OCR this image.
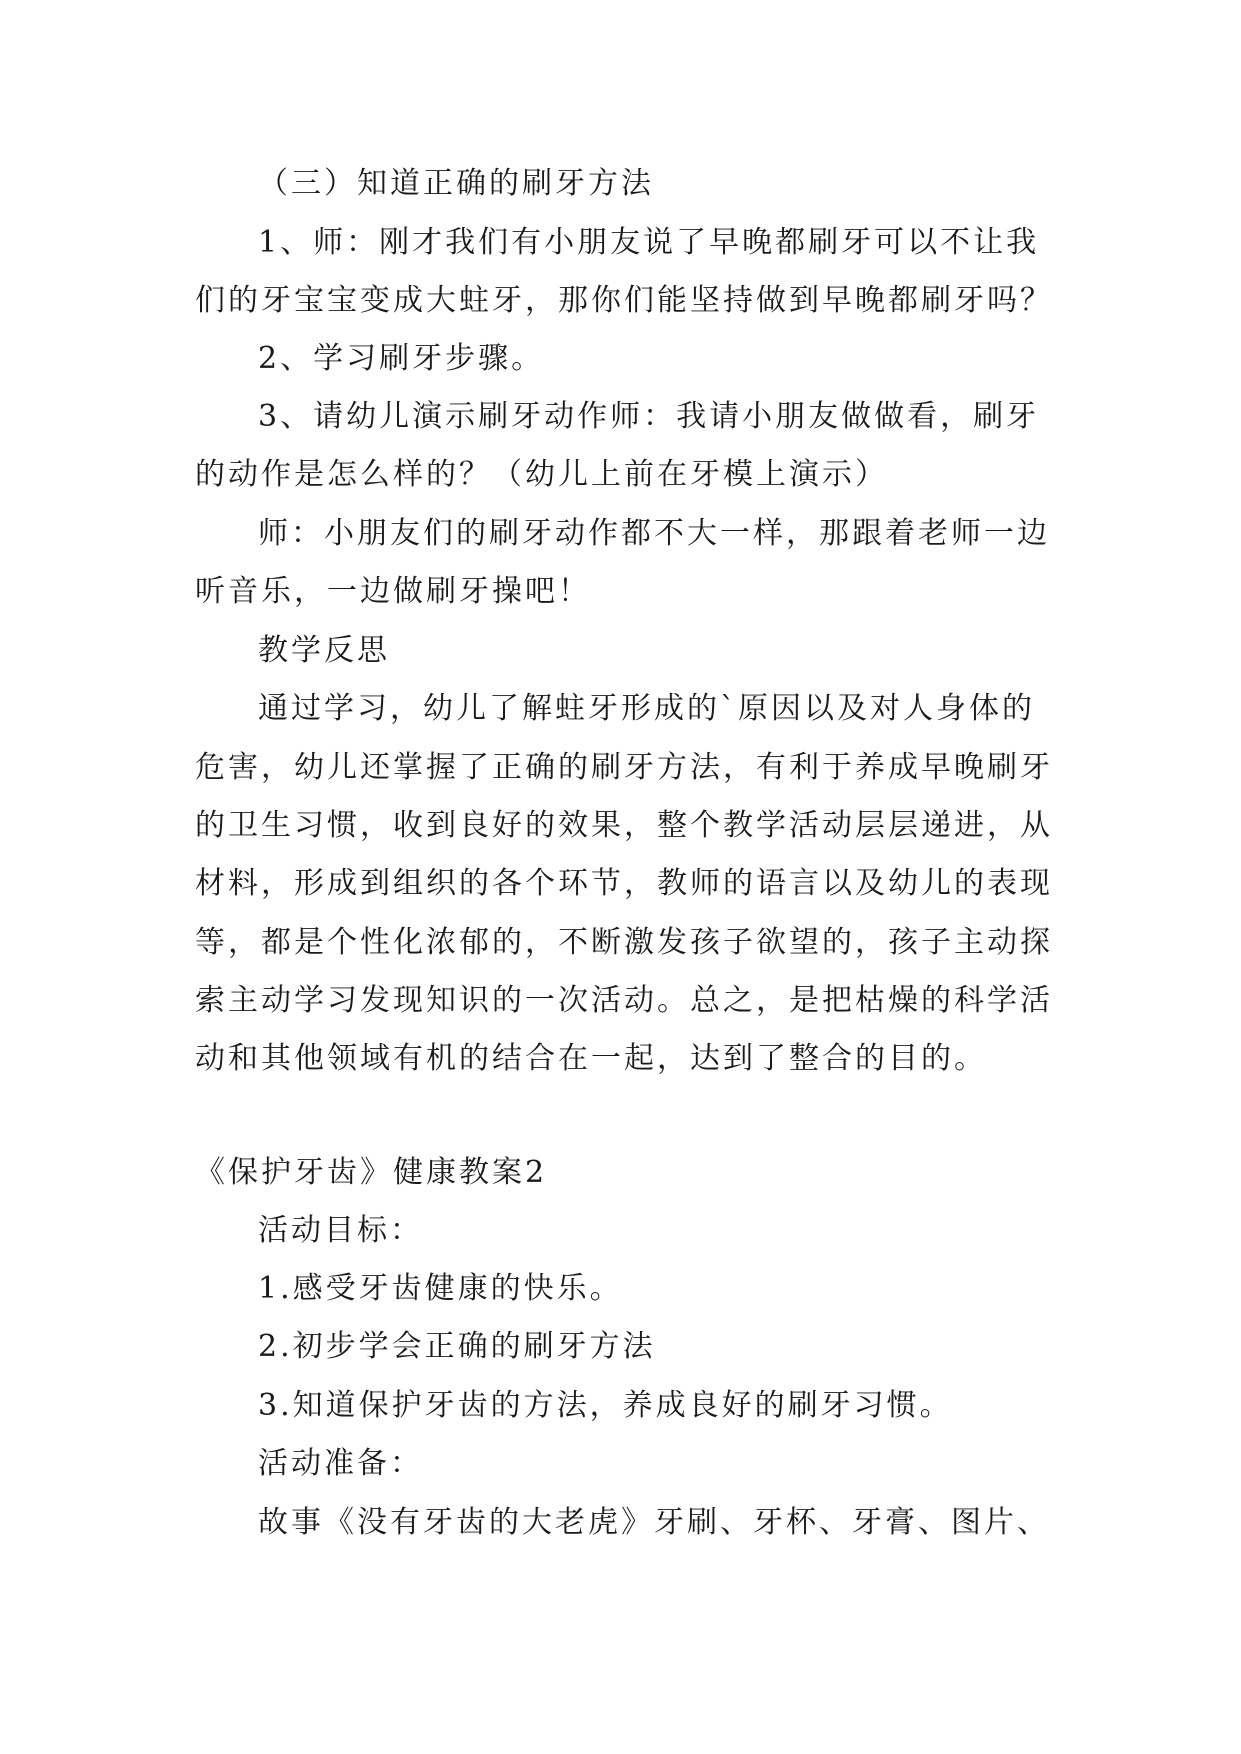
（三）知道正确的刷牙方法
1、师：刚才我们有小朋友说了早晚都刷牙可以不让我
们的牙宝宝变成大蛀牙，那你们能坚持做到早晚都刷牙吗？
2、学习刷牙步骤。
3、请幼儿演示刷牙动作师：我请小朋友做做看，刷牙
的动作是怎么样的？（幼儿上前在牙模上演示）
师：小朋友们的刷牙动作都不大一样，那跟着老师一边
听音乐，一边做刷牙操吧！
教学反思
通过学习，幼儿了解蛀牙形成的`原因以及对人身体的
危害，幼儿还掌握了正确的刷牙方法，有利于养成早晚刷牙
的卫生习惯，收到良好的效果，整个教学活动层层递进，从
材料，形成到组织的各个环节，教师的语言以及幼儿的表现
等，都是个性化浓郁的，不断激发孩子欲望的，孩子主动探
索主动学习发现知识的一次活动。总之，是把枯燥的科学活
动和其他领域有机的结合在一起，达到了整合的目的。
《保护牙齿》健康教案2
活动目标：
1.感受牙齿健康的快乐。
2.初步学会正确的刷牙方法
3.知道保护牙齿的方法，养成良好的刷牙习惯。
活动准备：
故事《没有牙齿的大老虎》牙刷、牙杯、牙膏、图片、
